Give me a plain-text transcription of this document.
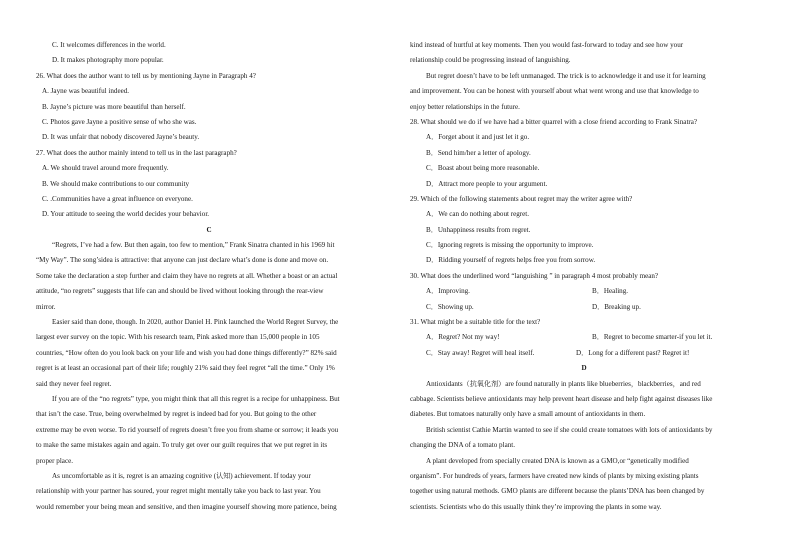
C. It welcomes differences in the world.
D. It makes photography more popular.
26. What does the author want to tell us by mentioning Jayne in Paragraph 4?
A. Jayne was beautiful indeed.
B. Jayne’s picture was more beautiful than herself.
C. Photos gave Jayne a positive sense of who she was.
D. It was unfair that nobody discovered Jayne’s beauty.
27. What does the author mainly intend to tell us in the last paragraph?
A. We should travel around more frequently.
B. We should make contributions to our community
C. .Communities have a great influence on everyone.
D. Your attitude to seeing the world decides your behavior.
C
“Regrets, I’ve had a few. But then again, too few to mention,” Frank Sinatra chanted in his 1969 hit
“My Way”. The song’sidea is attractive: that anyone can just declare what’s done is done and move on.
Some take the declaration a step further and claim they have no regrets at all. Whether a boast or an actual
attitude, “no regrets” suggests that life can and should be lived without looking through the rear-view
mirror.
Easier said than done, though. In 2020, author Daniel H. Pink launched the World Regret Survey, the
largest ever survey on the topic. With his research team, Pink asked more than 15,000 people in 105
countries, “How often do you look back on your life and wish you had done things differently?” 82% said
regret is at least an occasional part of their life; roughly 21% said they feel regret “all the time.” Only 1%
said they never feel regret.
If you are of the “no regrets” type, you might think that all this regret is a recipe for unhappiness. But
that isn’t the case. True, being overwhelmed by regret is indeed bad for you. But going to the other
extreme may be even worse. To rid yourself of regrets doesn’t free you from shame or sorrow; it leads you
to make the same mistakes again and again. To truly get over our guilt requires that we put regret in its
proper place.
As uncomfortable as it is, regret is an amazing cognitive (认知) achievement. If today your
relationship with your partner has soured, your regret might mentally take you back to last year. You
would remember your being mean and sensitive, and then imagine yourself showing more patience, being
kind instead of hurtful at key moments. Then you would fast-forward to today and see how your
relationship could be progressing instead of languishing.
But regret doesn’t have to be left unmanaged. The trick is to acknowledge it and use it for learning
and improvement. You can be honest with yourself about what went wrong and use that knowledge to
enjoy better relationships in the future.
28. What should we do if we have had a bitter quarrel with a close friend according to Frank Sinatra?
A．Forget about it and just let it go.
B．Send him/her a letter of apology.
C．Boast about being more reasonable.
D．Attract more people to your argument.
29. Which of the following statements about regret may the writer agree with?
A．We can do nothing about regret.
B．Unhappiness results from regret.
C．Ignoring regrets is missing the opportunity to improve.
D．Ridding yourself of regrets helps free you from sorrow.
30. What does the underlined word “languishing ” in paragraph 4 most probably mean?
A．Improving.	B．Healing.
C．Showing up.	D．Breaking up.
31. What might be a suitable title for the text?
A．Regret? Not my way!	B．Regret to become smarter-if you let it.
C．Stay away! Regret will heal itself.	D．Long for a different past? Regret it!
D
Antioxidants（抗氧化剂）are found naturally in plants like blueberries，blackberries，and red
cabbage. Scientists believe antioxidants may help prevent heart disease and help fight against diseases like
diabetes. But tomatoes naturally only have a small amount of antioxidants in them.
British scientist Cathie Martin wanted to see if she could create tomatoes with lots of antioxidants by
changing the DNA of a tomato plant.
A plant developed from specially created DNA is known as a GMO,or “genetically modified
organism”. For hundreds of years, farmers have created new kinds of plants by mixing existing plants
together using natural methods. GMO plants are different because the plants’DNA has been changed by
scientists. Scientists who do this usually think they’re improving the plants in some way.
